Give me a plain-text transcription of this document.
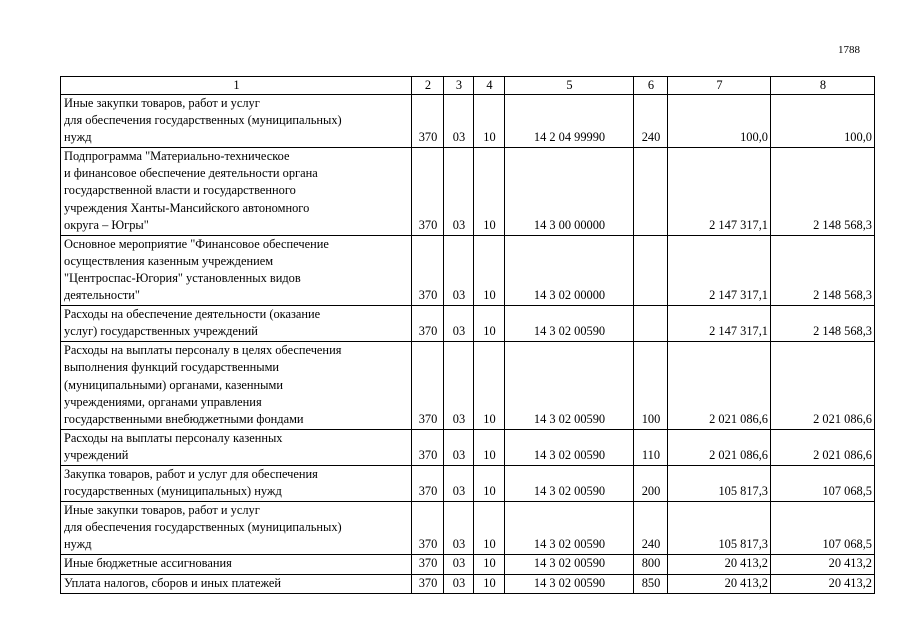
1788
1	2	3	4	5	6	7	8

Иные закупки товаров, работ и услуг
для обеспечения государственных (муниципальных)
нужд	370	03	10	14 2 04 99990	240	100,0	100,0

Подпрограмма "Материально-техническое
и финансовое обеспечение деятельности органа
государственной власти и государственного
учреждения Ханты-Мансийского автономного
округа – Югры"	370	03	10	14 3 00 00000		2 147 317,1	2 148 568,3

Основное мероприятие "Финансовое обеспечение
осуществления казенным учреждением
"Центроспас-Югория" установленных видов
деятельности"	370	03	10	14 3 02 00000		2 147 317,1	2 148 568,3

Расходы на обеспечение деятельности (оказание
услуг) государственных учреждений	370	03	10	14 3 02 00590		2 147 317,1	2 148 568,3

Расходы на выплаты персоналу в целях обеспечения
выполнения функций государственными
(муниципальными) органами, казенными
учреждениями, органами управления
государственными внебюджетными фондами	370	03	10	14 3 02 00590	100	2 021 086,6	2 021 086,6

Расходы на выплаты персоналу казенных
учреждений	370	03	10	14 3 02 00590	110	2 021 086,6	2 021 086,6

Закупка товаров, работ и услуг для обеспечения
государственных (муниципальных) нужд	370	03	10	14 3 02 00590	200	105 817,3	107 068,5

Иные закупки товаров, работ и услуг
для обеспечения государственных (муниципальных)
нужд	370	03	10	14 3 02 00590	240	105 817,3	107 068,5

Иные бюджетные ассигнования	370	03	10	14 3 02 00590	800	20 413,2	20 413,2

Уплата налогов, сборов и иных платежей	370	03	10	14 3 02 00590	850	20 413,2	20 413,2
